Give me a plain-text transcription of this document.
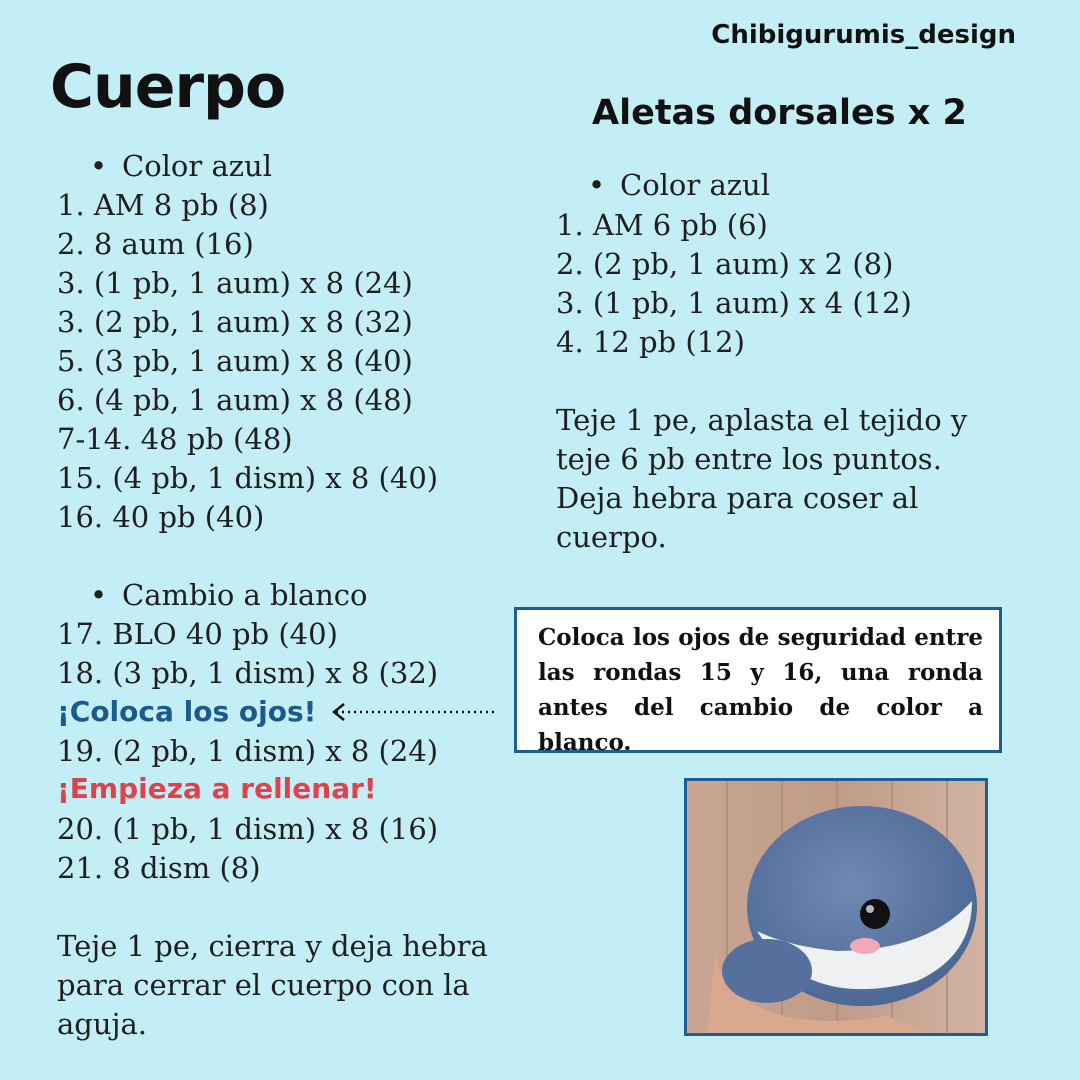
Chibigurumis_design
Cuerpo
• Color azul
1. AM 8 pb (8)
2. 8 aum (16)
3. (1 pb, 1 aum) x 8 (24)
3. (2 pb, 1 aum) x 8 (32)
5. (3 pb, 1 aum) x 8 (40)
6. (4 pb, 1 aum) x 8 (48)
7-14. 48 pb (48)
15. (4 pb, 1 dism) x 8 (40)
16. 40 pb (40)
• Cambio a blanco
17. BLO 40 pb (40)
18. (3 pb, 1 dism) x 8 (32)
¡Coloca los ojos!
19. (2 pb, 1 dism) x 8 (24)
¡Empieza a rellenar!
20. (1 pb, 1 dism) x 8 (16)
21. 8 dism (8)
Teje 1 pe, cierra y deja hebra
para cerrar el cuerpo con la
aguja.
Aletas dorsales x 2
• Color azul
1. AM 6 pb (6)
2. (2 pb, 1 aum) x 2 (8)
3. (1 pb, 1 aum) x 4 (12)
4. 12 pb (12)
Teje 1 pe, aplasta el tejido y
teje 6 pb entre los puntos.
Deja hebra para coser al
cuerpo.
Coloca los ojos de seguridad entre las rondas 15 y 16, una ronda antes del cambio de color a blanco.
